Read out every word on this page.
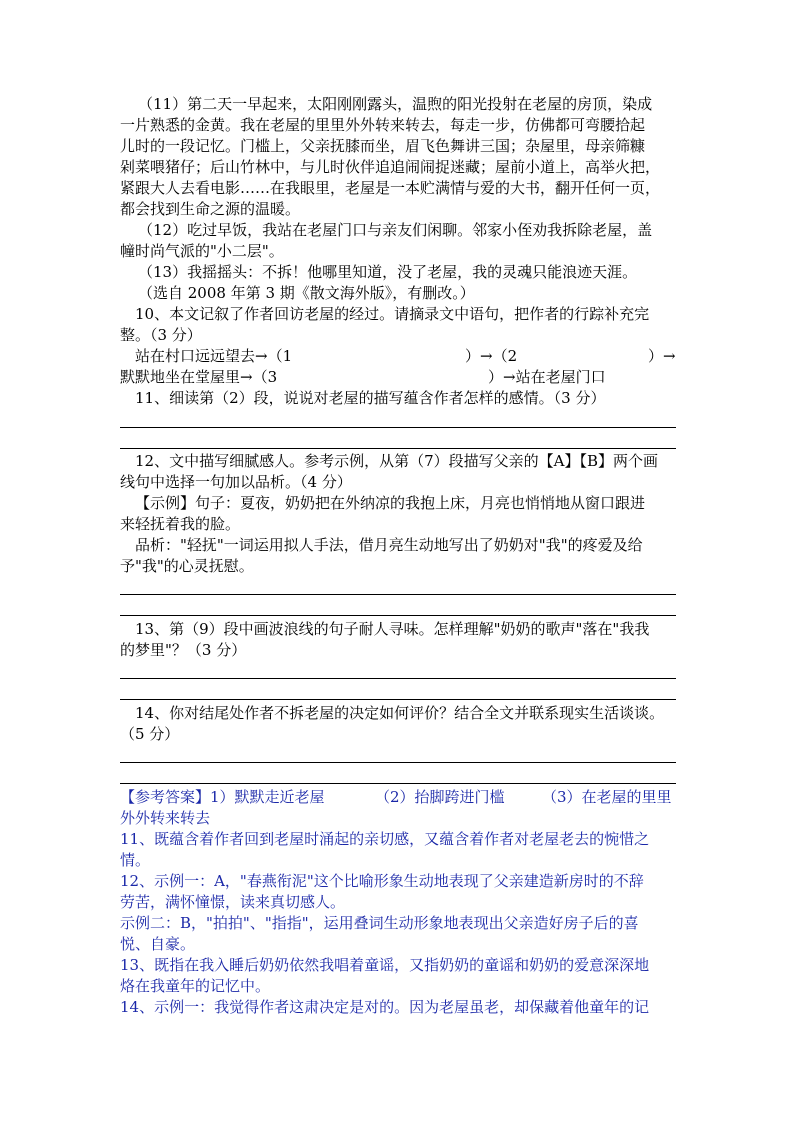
（11）第二天一早起来，太阳刚刚露头，温煦的阳光投射在老屋的房顶，染成
一片熟悉的金黄。我在老屋的里里外外转来转去，每走一步，仿佛都可弯腰拾起
儿时的一段记忆。门槛上，父亲抚膝而坐，眉飞色舞讲三国；杂屋里，母亲筛糠
剁菜喂猪仔；后山竹林中，与儿时伙伴追追闹闹捉迷藏；屋前小道上，高举火把，
紧跟大人去看电影……在我眼里，老屋是一本贮满情与爱的大书，翻开任何一页，
都会找到生命之源的温暖。
（12）吃过早饭，我站在老屋门口与亲友们闲聊。邻家小侄劝我拆除老屋，盖
幢时尚气派的"小二层"。
（13）我摇摇头：不拆！他哪里知道，没了老屋，我的灵魂只能浪迹天涯。
（选自 2008 年第 3 期《散文海外版》，有删改。）
10、本文记叙了作者回访老屋的经过。请摘录文中语句，把作者的行踪补充完
整。（3 分）
站在村口远远望去→（1	）→（2	）→
默默地坐在堂屋里→（3	）→站在老屋门口
11、细读第（2）段，说说对老屋的描写蕴含作者怎样的感情。（3 分）
12、文中描写细腻感人。参考示例，从第（7）段描写父亲的【A】【B】两个画
线句中选择一句加以品析。（4 分）
【示例】句子：夏夜，奶奶把在外纳凉的我抱上床，月亮也悄悄地从窗口跟进
来轻抚着我的脸。
品析："轻抚"一词运用拟人手法，借月亮生动地写出了奶奶对"我"的疼爱及给
予"我"的心灵抚慰。
13、第（9）段中画波浪线的句子耐人寻味。怎样理解"奶奶的歌声"落在"我我
的梦里"？（3 分）
14、你对结尾处作者不拆老屋的决定如何评价？结合全文并联系现实生活谈谈。
（5 分）
【参考答案】1）默默走近老屋	（2）抬脚跨进门槛 （3）在老屋的里里
外外转来转去
11、既蕴含着作者回到老屋时涌起的亲切感，又蕴含着作者对老屋老去的惋惜之
情。
12、示例一：A，"春燕衔泥"这个比喻形象生动地表现了父亲建造新房时的不辞
劳苦，满怀憧憬，读来真切感人。
示例二：B，"拍拍"、"指指"，运用叠词生动形象地表现出父亲造好房子后的喜
悦、自豪。
13、既指在我入睡后奶奶依然我唱着童谣，又指奶奶的童谣和奶奶的爱意深深地
烙在我童年的记忆中。
14、示例一：我觉得作者这肃决定是对的。因为老屋虽老，却保藏着他童年的记
